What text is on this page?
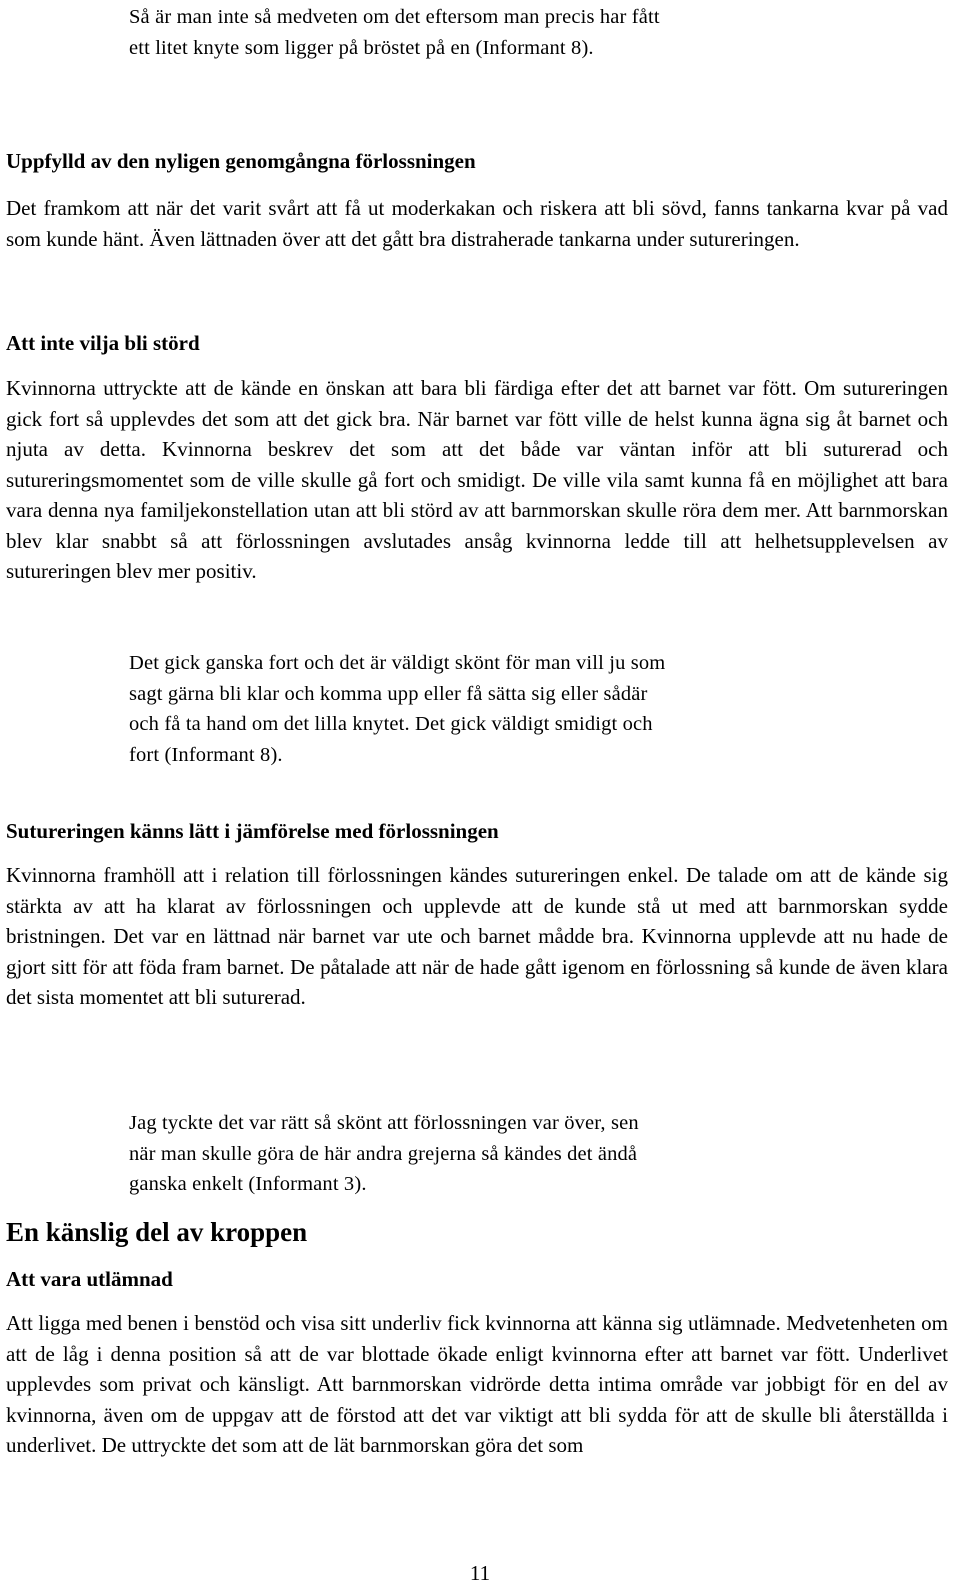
Så är man inte så medveten om det eftersom man precis har fått
ett litet knyte som ligger på bröstet på en (Informant 8).
Uppfylld av den nyligen genomgångna förlossningen

Det framkom att när det varit svårt att få ut moderkakan och riskera att bli sövd, fanns tankarna kvar på vad som kunde hänt. Även lättnaden över att det gått bra distraherade tankarna under sutureringen.

Att inte vilja bli störd

Kvinnorna uttryckte att de kände en önskan att bara bli färdiga efter det att barnet var fött. Om sutureringen gick fort så upplevdes det som att det gick bra. När barnet var fött ville de helst kunna ägna sig åt barnet och njuta av detta. Kvinnorna beskrev det som att det både var väntan inför att bli suturerad och sutureringsmomentet som de ville skulle gå fort och smidigt. De ville vila samt kunna få en möjlighet att bara vara denna nya familjekonstellation utan att bli störd av att barnmorskan skulle röra dem mer. Att barnmorskan blev klar snabbt så att förlossningen avslutades ansåg kvinnorna ledde till att helhetsupplevelsen av sutureringen blev mer positiv.

Det gick ganska fort och det är väldigt skönt för man vill ju som
sagt gärna bli klar och komma upp eller få sätta sig eller sådär
och få ta hand om det lilla knytet. Det gick väldigt smidigt och
fort (Informant 8).
Sutureringen känns lätt i jämförelse med förlossningen

Kvinnorna framhöll att i relation till förlossningen kändes sutureringen enkel. De talade om att de kände sig stärkta av att ha klarat av förlossningen och upplevde att de kunde stå ut med att barnmorskan sydde bristningen. Det var en lättnad när barnet var ute och barnet mådde bra. Kvinnorna upplevde att nu hade de gjort sitt för att föda fram barnet. De påtalade att när de hade gått igenom en förlossning så kunde de även klara det sista momentet att bli suturerad.

Jag tyckte det var rätt så skönt att förlossningen var över, sen
när man skulle göra de här andra grejerna så kändes det ändå
ganska enkelt (Informant 3).
En känslig del av kroppen
Att vara utlämnad

Att ligga med benen i benstöd och visa sitt underliv fick kvinnorna att känna sig utlämnade. Medvetenheten om att de låg i denna position så att de var blottade ökade enligt kvinnorna efter att barnet var fött. Underlivet upplevdes som privat och känsligt. Att barnmorskan vidrörde detta intima område var jobbigt för en del av kvinnorna, även om de uppgav att de förstod att det var viktigt att bli sydda för att de skulle bli återställda i underlivet. De uttryckte det som att de lät barnmorskan göra det som

11
